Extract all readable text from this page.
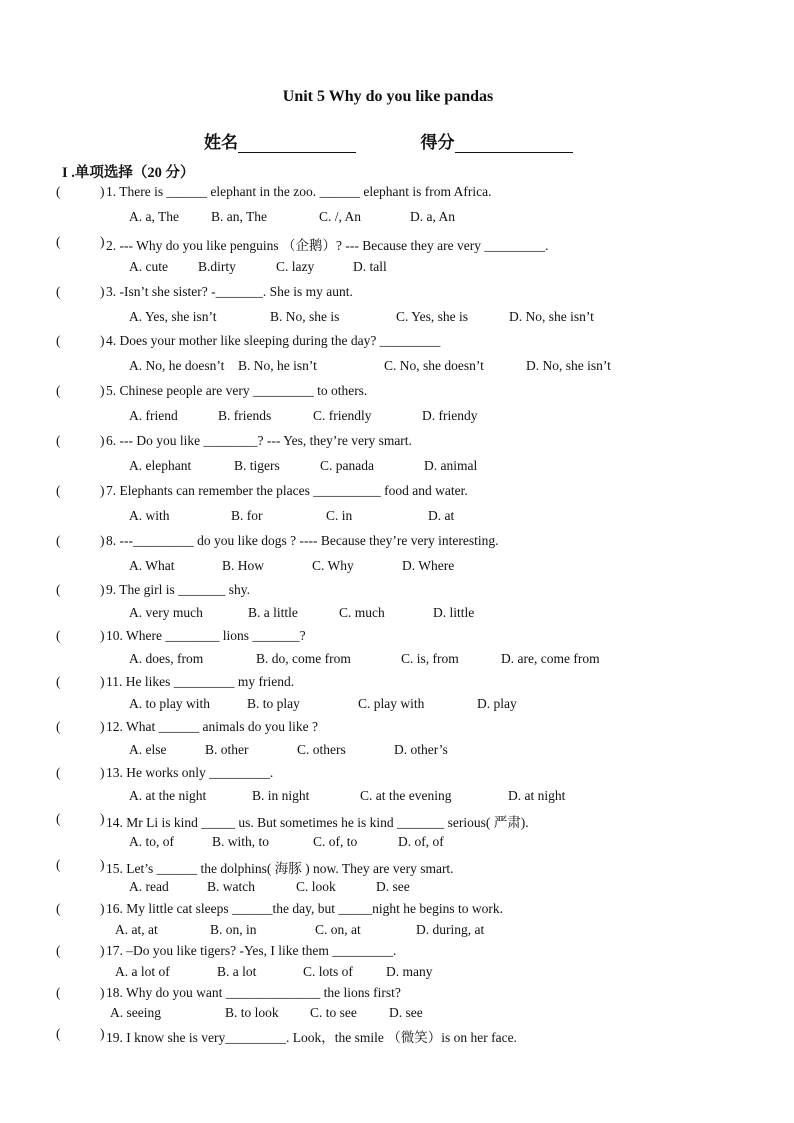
Unit 5 Why do you like pandas
姓名	得分
I .单项选择（20 分）
(	) 1. There is ______ elephant in the zoo. ______ elephant is from Africa.
A. a, The B. an, The	C. /, An	D. a, An
(	) 2. --- Why do you like penguins （企鹅）? --- Because they are very _________.
A. cute B.dirty	C. lazy	D. tall
(	) 3. -Isn’t she sister? -_______. She is my aunt.
A. Yes, she isn’t	B. No, she is	C. Yes, she is	D. No, she isn’t
(	) 4. Does your mother like sleeping during the day? _________
A. No, he doesn’t B. No, he isn’t	C. No, she doesn’t	D. No, she isn’t
(	) 5. Chinese people are very _________ to others.
A. friend	B. friends	C. friendly	D. friendy
(	) 6. --- Do you like ________? --- Yes, they’re very smart.
A. elephant	B. tigers	C. panada	D. animal
(	) 7. Elephants can remember the places __________ food and water.
A. with	B. for	C. in	D. at
(	) 8. ---_________ do you like dogs ? ---- Because they’re very interesting.
A. What	B. How	C. Why	D. Where
(	) 9. The girl is _______ shy.
A. very much	B. a little	C. much	D. little
(	) 10. Where ________ lions _______?
A. does, from	B. do, come from	C. is, from	D. are, come from
(	) 11. He likes _________ my friend.
A. to play with	B. to play	C. play with	D. play
(	) 12. What ______ animals do you like ?
A. else	B. other	C. others	D. other’s
(	) 13. He works only _________.
A. at the night	B. in night	C. at the evening	D. at night
(	) 14. Mr Li is kind _____ us. But sometimes he is kind _______ serious( 严肃).
A. to, of	B. with, to	C. of, to	D. of, of
(	) 15. Let’s ______ the dolphins( 海豚 ) now. They are very smart.
A. read	B. watch	C. look	D. see
(	) 16. My little cat sleeps ______the day, but _____night he begins to work.
A. at, at	B. on, in	C. on, at	D. during, at
(	) 17. –Do you like tigers? -Yes, I like them _________.
A. a lot of	B. a lot	C. lots of D. many
(	) 18. Why do you want ______________ the lions first?
A. seeing	B. to look C. to see D. see
(	) 19. I know she is very_________. Look，the smile （微笑）is on her face.
